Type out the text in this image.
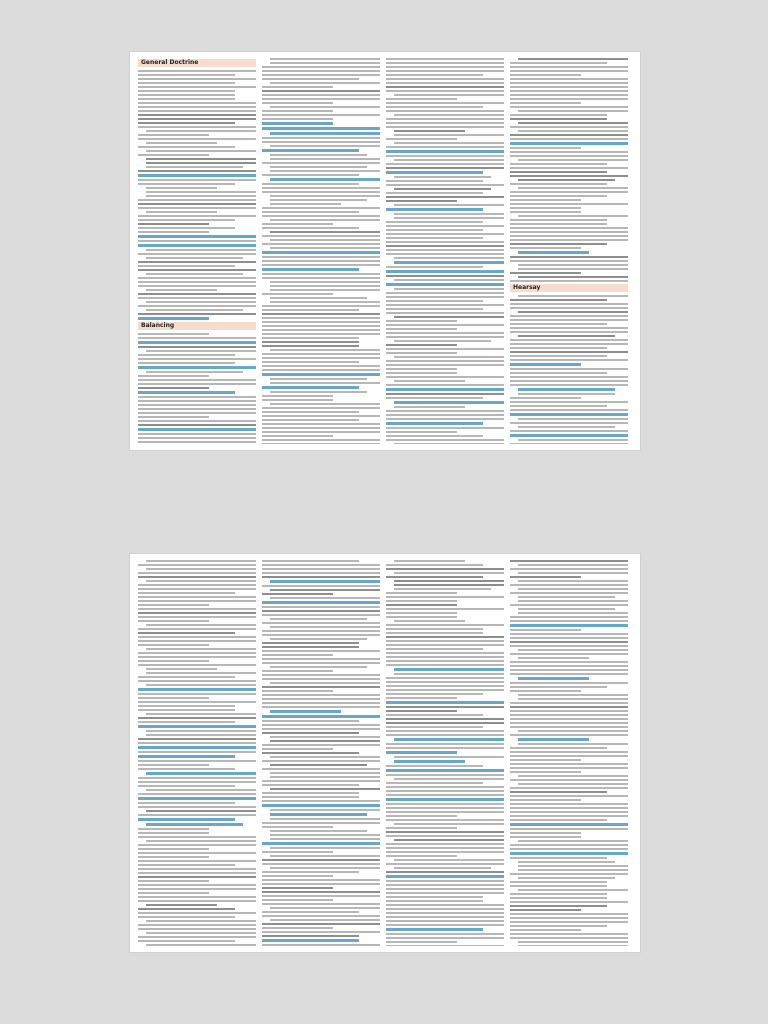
General Doctrine
Balancing
Hearsay
